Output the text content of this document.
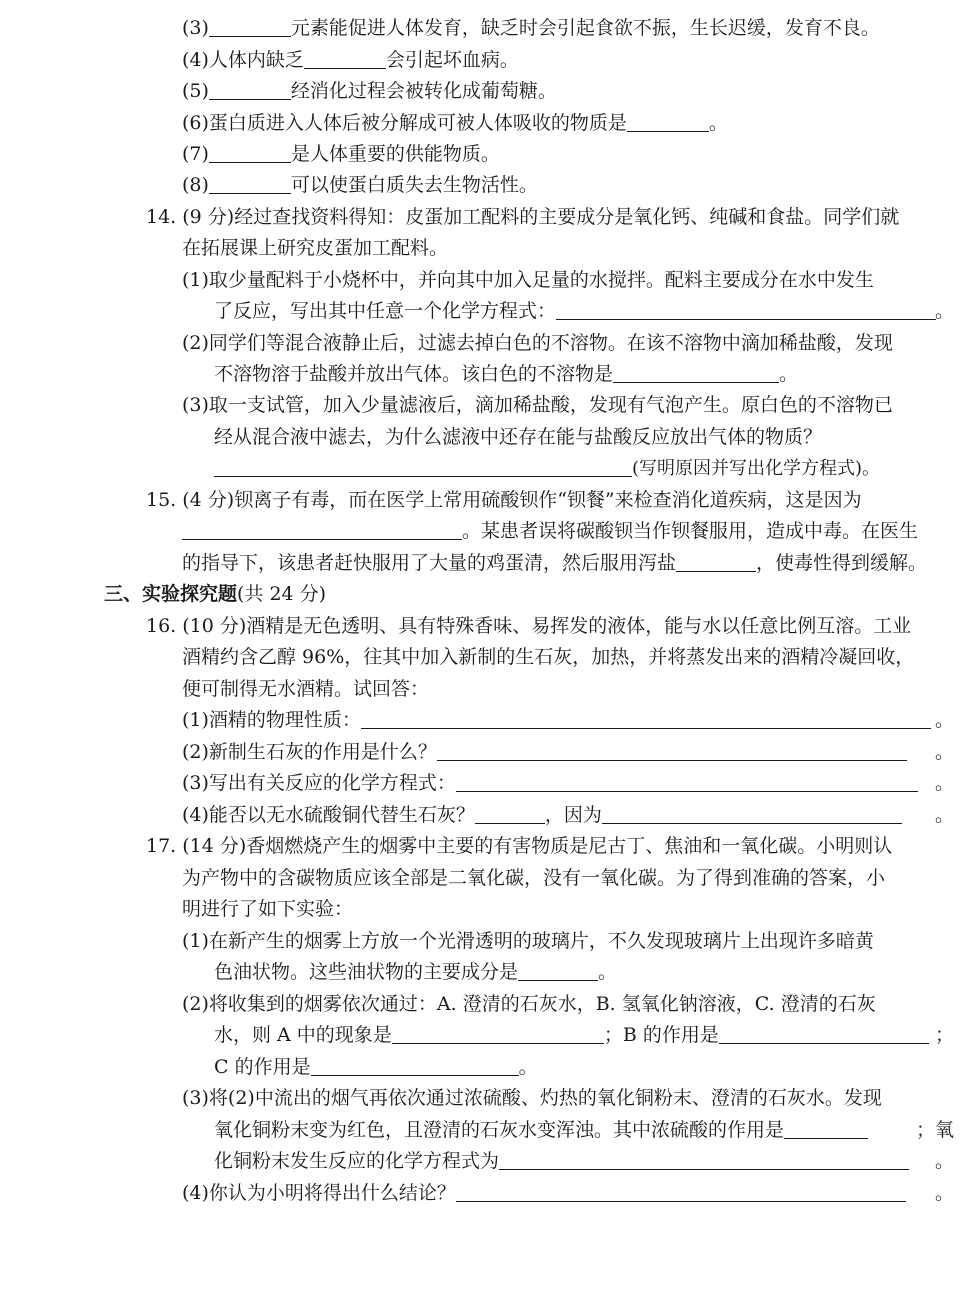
(3)	元素能促进人体发育，缺乏时会引起食欲不振，生长迟缓，发育不良。
(4)人体内缺乏	会引起坏血病。
(5)	经消化过程会被转化成葡萄糖。
(6)蛋白质进入人体后被分解成可被人体吸收的物质是	。
(7)	是人体重要的供能物质。
(8)	可以使蛋白质失去生物活性。
14. (9 分)经过查找资料得知：皮蛋加工配料的主要成分是氧化钙、纯碱和食盐。同学们就
在拓展课上研究皮蛋加工配料。
(1)取少量配料于小烧杯中，并向其中加入足量的水搅拌。配料主要成分在水中发生
了反应，写出其中任意一个化学方程式：	。
(2)同学们等混合液静止后，过滤去掉白色的不溶物。在该不溶物中滴加稀盐酸，发现
不溶物溶于盐酸并放出气体。该白色的不溶物是	。
(3)取一支试管，加入少量滤液后，滴加稀盐酸，发现有气泡产生。原白色的不溶物已
经从混合液中滤去，为什么滤液中还存在能与盐酸反应放出气体的物质？
(写明原因并写出化学方程式)。
15. (4 分)钡离子有毒，而在医学上常用硫酸钡作“钡餐”来检查消化道疾病，这是因为
。某患者误将碳酸钡当作钡餐服用，造成中毒。在医生
的指导下，该患者赶快服用了大量的鸡蛋清，然后服用泻盐	，使毒性得到缓解。
三、实验探究题(共 24 分)
16. (10 分)酒精是无色透明、具有特殊香味、易挥发的液体，能与水以任意比例互溶。工业
酒精约含乙醇 96%，往其中加入新制的生石灰，加热，并将蒸发出来的酒精冷凝回收，
便可制得无水酒精。试回答：
(1)酒精的物理性质：	。
(2)新制生石灰的作用是什么？	。
(3)写出有关反应的化学方程式：	。
(4)能否以无水硫酸铜代替生石灰？	，因为	。
17. (14 分)香烟燃烧产生的烟雾中主要的有害物质是尼古丁、焦油和一氧化碳。小明则认
为产物中的含碳物质应该全部是二氧化碳，没有一氧化碳。为了得到准确的答案，小
明进行了如下实验：
(1)在新产生的烟雾上方放一个光滑透明的玻璃片，不久发现玻璃片上出现许多暗黄
色油状物。这些油状物的主要成分是	。
(2)将收集到的烟雾依次通过：A. 澄清的石灰水，B. 氢氧化钠溶液，C. 澄清的石灰
水，则 A 中的现象是	；B 的作用是	；
C 的作用是	。
(3)将(2)中流出的烟气再依次通过浓硫酸、灼热的氧化铜粉末、澄清的石灰水。发现
氧化铜粉末变为红色，且澄清的石灰水变浑浊。其中浓硫酸的作用是	；氧
化铜粉末发生反应的化学方程式为	。
(4)你认为小明将得出什么结论？	。
